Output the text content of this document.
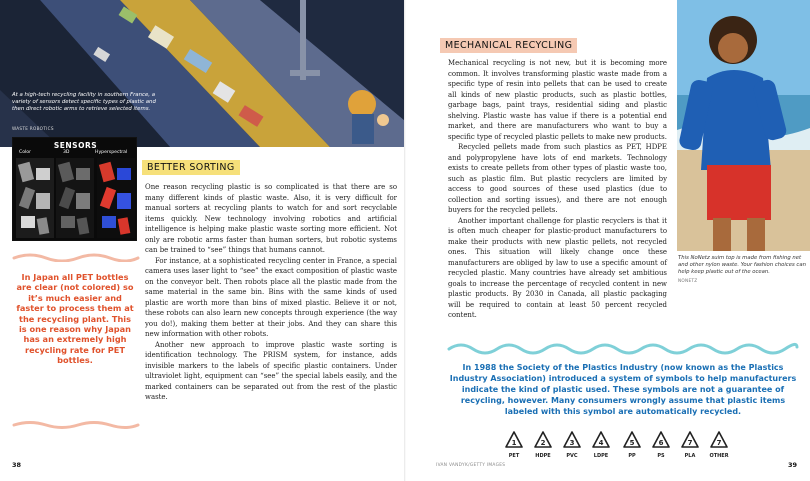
At a high-tech recycling facility in southern France, a variety of sensors detect specific types of plastic and then direct robotic arms to retrieve selected items.
WASTE ROBOTICS
SENSORS
Color	3D	Hyperspectral
BETTER SORTING

One reason recycling plastic is so complicated is that there are so many different kinds of plastic waste. Also, it is very difficult for manual sorters at recycling plants to watch for and sort recyclable items quickly. New technology involving robotics and artificial intelligence is helping make plastic waste sorting more efficient. Not only are robotic arms faster than human sorters, but robotic systems can be trained to “see” things that humans cannot.

For instance, at a sophisticated recycling center in France, a special camera uses laser light to “see” the exact composition of plastic waste on the conveyor belt. Then robots place all the plastic made from the same material in the same bin. Bins with the same kinds of used plastic are worth more than bins of mixed plastic. Believe it or not, these robots can also learn new concepts through experience (the way you do!), making them better at their jobs. And they can share this new information with other robots.

Another new approach to improve plastic waste sorting is identification technology. The PRISM system, for instance, adds invisible markers to the labels of specific plastic containers. Under ultraviolet light, equipment can “see” the special labels easily, and the marked containers can be separated out from the rest of the plastic waste.

In Japan all PET bottles are clear (not colored) so it’s much easier and faster to process them at the recycling plant. This is one reason why Japan has an extremely high recycling rate for PET bottles.
38
MECHANICAL RECYCLING

Mechanical recycling is not new, but it is becoming more common. It involves transforming plastic waste made from a specific type of resin into pellets that can be used to create all kinds of new plastic products, such as plastic bottles, garbage bags, paint trays, residential siding and plastic shelving. Plastic waste has value if there is a potential end market, and there are manufacturers who want to buy a specific type of recycled plastic pellets to make new products.

Recycled pellets made from such plastics as PET, HDPE and polypropylene have lots of end markets. Technology exists to create pellets from other types of plastic waste too, such as plastic film. But plastic recyclers are limited by access to good sources of these used plastics (due to collection and sorting issues), and there are not enough buyers for the recycled pellets.

Another important challenge for plastic recyclers is that it is often much cheaper for plastic-product manufacturers to make their products with new plastic pellets, not recycled ones. This situation will likely change once these manufacturers are obliged by law to use a specific amount of recycled plastic. Many countries have already set ambitious goals to increase the percentage of recycled content in new plastic products. By 2030 in Canada, all plastic packaging will be required to contain at least 50 percent recycled content.

This NoNetz suim top is made from fishing net and other nylon waste. Your fashion choices can help keep plastic out of the ocean.
NONETZ
In 1988 the Society of the Plastics Industry (now known as the Plastics Industry Association) introduced a system of symbols to help manufacturers indicate the kind of plastic used. These symbols are not a guarantee of recycling, however. Many consumers wrongly assume that plastic items labeled with this symbol are automatically recycled.
1
PET
2
HDPE
3
PVC
4
LDPE
5
PP
6
PS
7
PLA
7
OTHER
IVAN VANDYK/GETTY IMAGES	39
